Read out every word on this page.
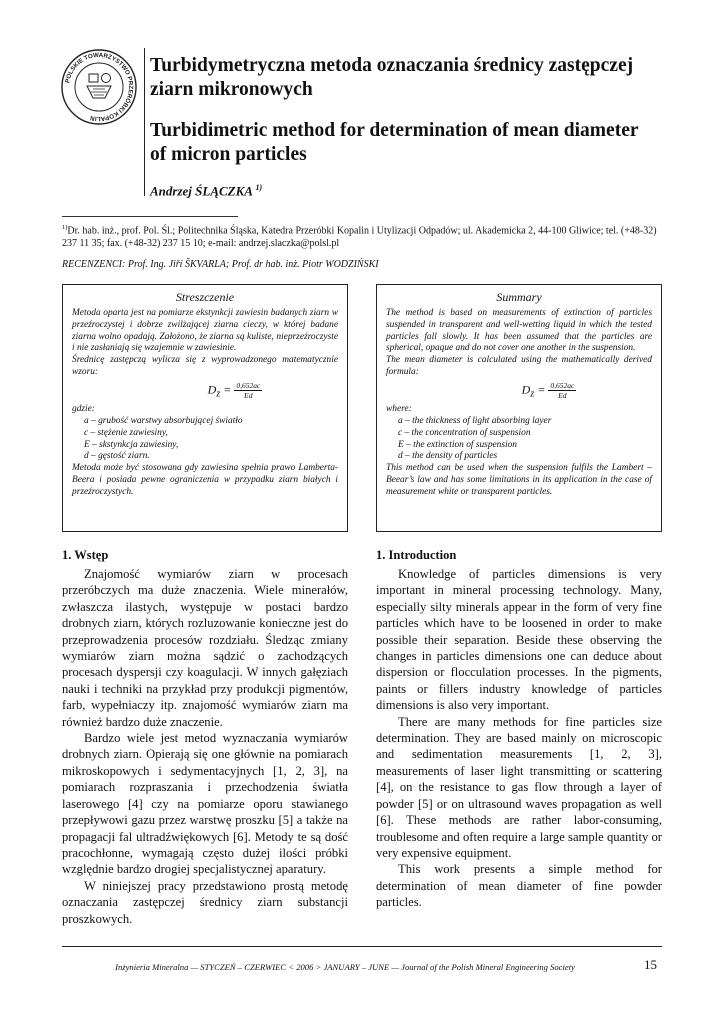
POLSKIE TOWARZYSTWO PRZERÓBKI KOPALIN
Turbidymetryczna metoda oznaczania średnicy zastępczej ziarn mikronowych
Turbidimetric method for determination of mean diameter of micron particles
Andrzej ŚLĄCZKA $^{1)}$
$^{1)}$Dr. hab. inż., prof. Pol. Śl.; Politechnika Śląska, Katedra Przeróbki Kopalin i Utylizacji Odpadów; ul. Akademicka 2, 44-100 Gliwice; tel. (+48-32) 237 11 35; fax. (+48-32) 237 15 10; e-mail: andrzej.slaczka@polsl.pl
RECENZENCI: Prof. Ing. Jiří ŠKVARLA; Prof. dr hab. inż. Piotr WODZIŃSKI
Streszczenie

Metoda oparta jest na pomiarze ekstynkcji zawiesin badanych ziarn w przeźroczystej i dobrze zwilżającej ziarna cieczy, w której badane ziarna wolno opadają. Założono, że ziarna są kuliste, nieprzeźroczyste i nie zasłaniają się wzajemnie w zawiesinie.

Średnicę zastępczą wylicza się z wyprowadzonego matematycznie wzoru:

$D_z = \frac{0,652ac}{Ed}$

gdzie:

a – grubość warstwy absorbującej światło

c – stężenie zawiesiny,

E – skstynkcja zawiesiny,

d – gęstość ziarn.

Metoda może być stosowana gdy zawiesina spełnia prawo Lamberta-Beera i posiada pewne ograniczenia w przypadku ziarn białych i przeźroczystych.

Summary

The method is based on measurements of extinction of particles suspended in transparent and well-wetting liquid in which the tested particles fall slowly. It has been assumed that the particles are spherical, opaque and do not cover one another in the suspension.

The mean diameter is calculated using the mathematically derived formula:

$D_z = \frac{0,652ac}{Ed}$

where:

a – the thickness of light absorbing layer

c – the concentration of suspension

E – the extinction of suspension

d – the density of particles

This method can be used when the suspension fulfils the Lambert – Beear’s law and has some limitations in its application in the case of measurement white or transparent particles.

1. Wstęp	1. Introduction

Znajomość wymiarów ziarn w procesach przeróbczych ma duże znaczenia. Wiele minerałów, zwłaszcza ilastych, występuje w postaci bardzo drobnych ziarn, których rozluzowanie konieczne jest do przeprowadzenia procesów rozdziału. Śledząc zmiany wymiarów ziarn można sądzić o zachodzących procesach dyspersji czy koagulacji. W innych gałęziach nauki i techniki na przykład przy produkcji pigmentów, farb, wypełniaczy itp. znajomość wymiarów ziarn ma również bardzo duże znaczenie.

Bardzo wiele jest metod wyznaczania wymiarów drobnych ziarn. Opierają się one głównie na pomiarach mikroskopowych i sedymentacyjnych [1, 2, 3], na pomiarach rozpraszania i przechodzenia światła laserowego [4] czy na pomiarze oporu stawianego przepływowi gazu przez warstwę proszku [5] a także na propagacji fal ultradźwiękowych [6]. Metody te są dość pracochłonne, wymagają często dużej ilości próbki względnie bardzo drogiej specjalistycznej aparatury.

W niniejszej pracy przedstawiono prostą metodę oznaczania zastępczej średnicy ziarn substancji proszkowych.

Knowledge of particles dimensions is very important in mineral processing technology. Many, especially silty minerals appear in the form of very fine particles which have to be loosened in order to make possible their separation. Beside these observing the changes in particles dimensions one can deduce about dispersion or flocculation processes. In the pigments, paints or fillers industry knowledge of particles dimensions is also very important.

There are many methods for fine particles size determination. They are based mainly on microscopic and sedimentation measurements [1, 2, 3], measurements of laser light transmitting or scattering [4], on the resistance to gas flow through a layer of powder [5] or on ultrasound waves propagation as well [6]. These methods are rather labor-consuming, troublesome and often require a large sample quantity or very expensive equipment.

This work presents a simple method for determination of mean diameter of fine powder particles.

Inżynieria Mineralna — STYCZEŃ – CZERWIEC < 2006 > JANUARY – JUNE — Journal of the Polish Mineral Engineering Society	15
